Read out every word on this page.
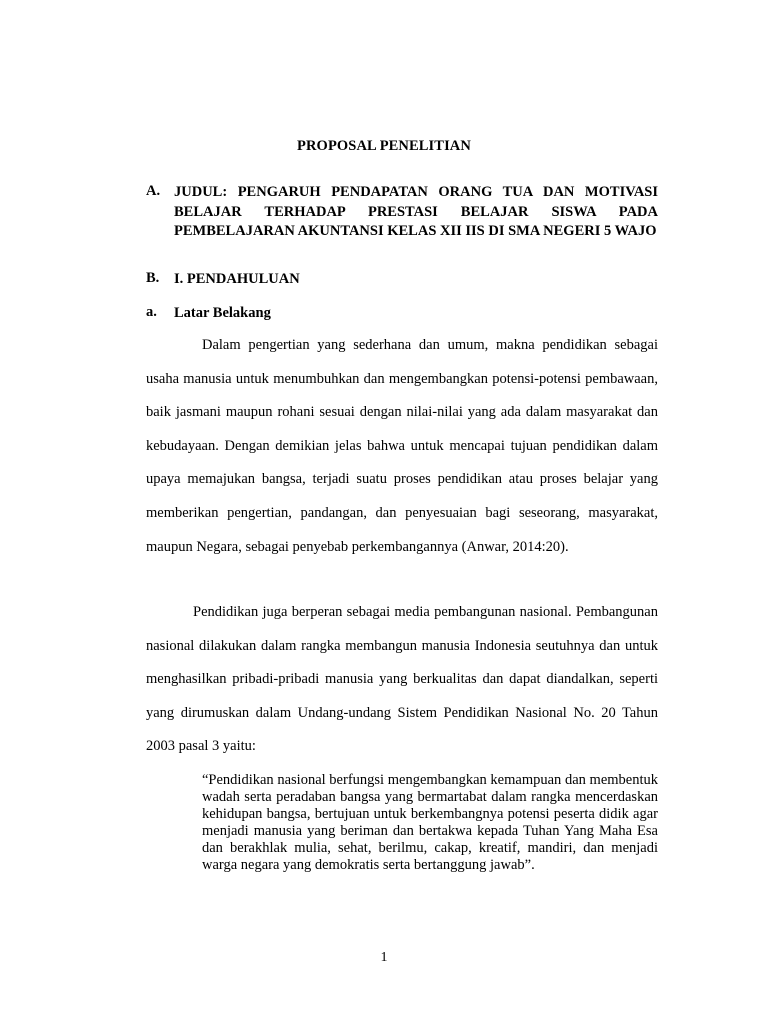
PROPOSAL PENELITIAN
A. JUDUL: PENGARUH PENDAPATAN ORANG TUA DAN MOTIVASI BELAJAR TERHADAP PRESTASI BELAJAR SISWA PADA PEMBELAJARAN AKUNTANSI KELAS XII IIS DI SMA NEGERI 5 WAJO
B. I. PENDAHULUAN
a. Latar Belakang

Dalam pengertian yang sederhana dan umum, makna pendidikan sebagai usaha manusia untuk menumbuhkan dan mengembangkan potensi-potensi pembawaan, baik jasmani maupun rohani sesuai dengan nilai-nilai yang ada dalam masyarakat dan kebudayaan. Dengan demikian jelas bahwa untuk mencapai tujuan pendidikan dalam upaya memajukan bangsa, terjadi suatu proses pendidikan atau proses belajar yang memberikan pengertian, pandangan, dan penyesuaian bagi seseorang, masyarakat, maupun Negara, sebagai penyebab perkembangannya (Anwar, 2014:20).

Pendidikan juga berperan sebagai media pembangunan nasional. Pembangunan nasional dilakukan dalam rangka membangun manusia Indonesia seutuhnya dan untuk menghasilkan pribadi-pribadi manusia yang berkualitas dan dapat diandalkan, seperti yang dirumuskan dalam Undang-undang Sistem Pendidikan Nasional No. 20 Tahun 2003 pasal 3 yaitu:

“Pendidikan nasional berfungsi mengembangkan kemampuan dan membentuk wadah serta peradaban bangsa yang bermartabat dalam rangka mencerdaskan kehidupan bangsa, bertujuan untuk berkembangnya potensi peserta didik agar menjadi manusia yang beriman dan bertakwa kepada Tuhan Yang Maha Esa dan berakhlak mulia, sehat, berilmu, cakap, kreatif, mandiri, dan menjadi warga negara yang demokratis serta bertanggung jawab”.

1
